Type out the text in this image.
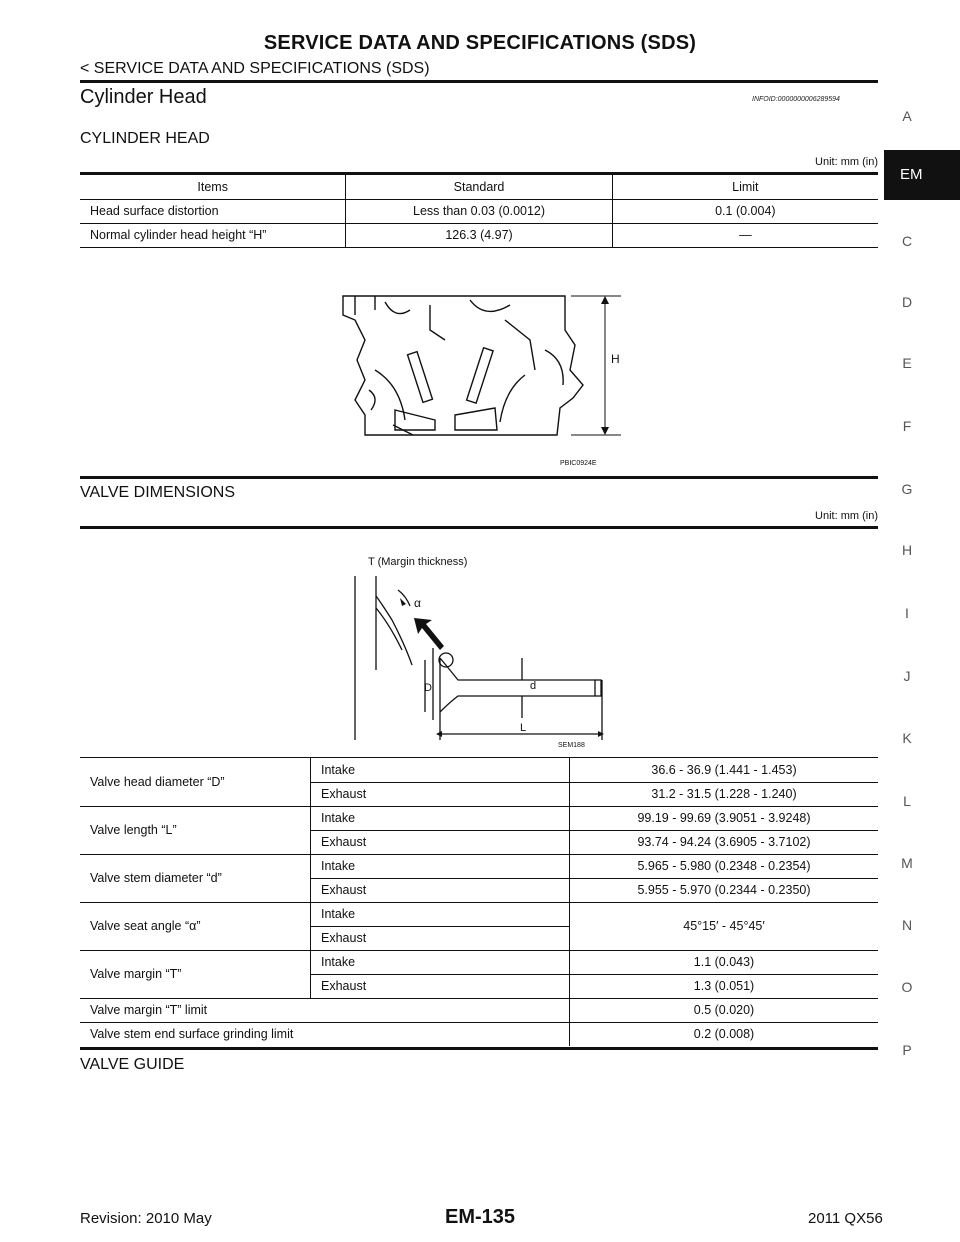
SERVICE DATA AND SPECIFICATIONS (SDS)
< SERVICE DATA AND SPECIFICATIONS (SDS)
Cylinder Head	INFOID:0000000006289594
CYLINDER HEAD
Unit: mm (in)
Items	Standard	Limit
Head surface distortion	Less than 0.03 (0.0012)	0.1 (0.004)
Normal cylinder head height “H”	126.3 (4.97)	—
H
PBIC0924E
VALVE DIMENSIONS
Unit: mm (in)
T (Margin thickness)
α
D	d
L
SEM188
Valve head diameter “D”	Intake	36.6 - 36.9 (1.441 - 1.453)
	Exhaust	31.2 - 31.5 (1.228 - 1.240)
Valve length “L”	Intake	99.19 - 99.69 (3.9051 - 3.9248)
	Exhaust	93.74 - 94.24 (3.6905 - 3.7102)
Valve stem diameter “d”	Intake	5.965 - 5.980 (0.2348 - 0.2354)
	Exhaust	5.955 - 5.970 (0.2344 - 0.2350)
Valve seat angle “α”	Intake	45°15′ - 45°45′
	Exhaust	
Valve margin “T”	Intake	1.1 (0.043)
	Exhaust	1.3 (0.051)
Valve margin “T” limit		0.5 (0.020)
Valve stem end surface grinding limit		0.2 (0.008)
VALVE GUIDE
A
EM
C
D
E
F
G
H
I
J
K
L
M
N
O
P
Revision: 2010 May	EM-135	2011 QX56
